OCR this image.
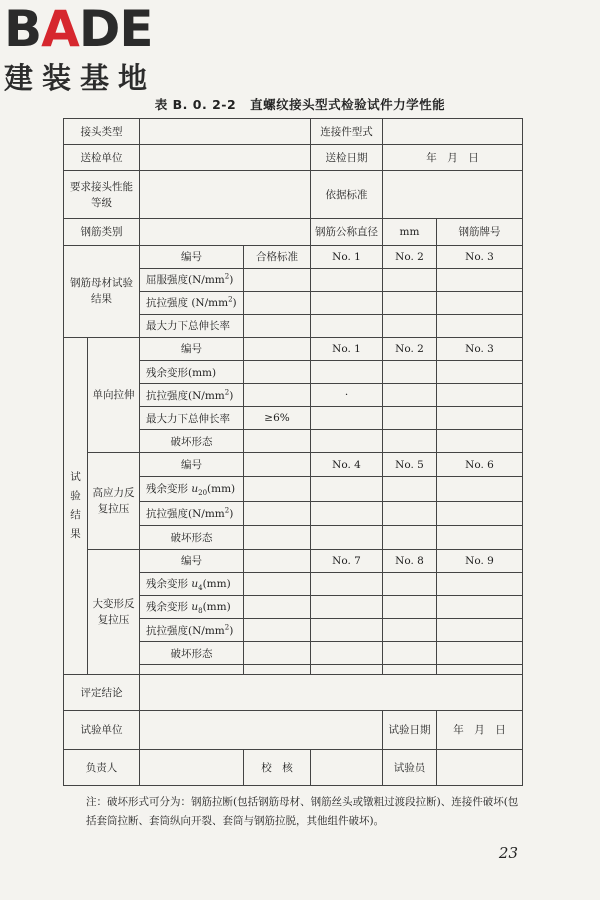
BADE
建装基地
表 B. 0. 2-2 直螺纹接头型式检验试件力学性能
接头类型				连接件型式		
送检单位				送检日期	年　月　日	
要求接头性能等级				依据标准		
钢筋类别				钢筋公称直径	mm	钢筋牌号
钢筋母材试验结果		编号	合格标准	No. 1	No. 2	No. 3
		屈服强度$(N/mm^2)$				
		抗拉强度 $(N/mm^2)$				
		最大力下总伸长率				
试
验
结
果	单向拉伸	编号		No. 1	No. 2	No. 3
		残余变形(mm)				
		抗拉强度$(N/mm^2)$		·		
		最大力下总伸长率	≥6%			
		破坏形态				
	高应力反复拉压	编号		No. 4	No. 5	No. 6
		残余变形 $u_{20}(mm)$				
		抗拉强度$(N/mm^2)$				
		破坏形态				
	大变形反复拉压	编号		No. 7	No. 8	No. 9
		残余变形 $u_4(mm)$				
		残余变形 $u_8(mm)$				
		抗拉强度$(N/mm^2)$				
		破坏形态				

评定结论						
试验单位					试验日期	年　月　日
负责人			校　核		试验员	
注：破坏形式可分为：钢筋拉断(包括钢筋母材、钢筋丝头或镦粗过渡段拉断)、连接件破坏(包括套筒拉断、套筒纵向开裂、套筒与钢筋拉脱，其他组件破坏)。
23
